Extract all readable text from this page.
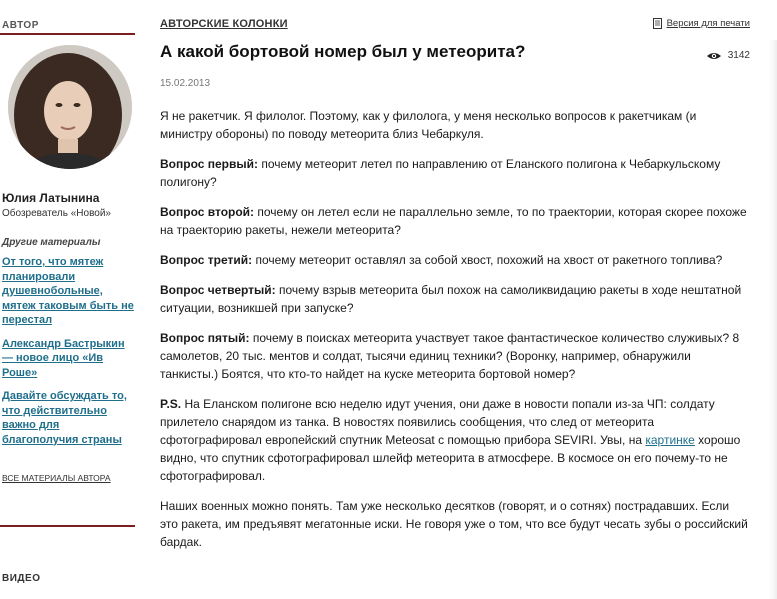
АВТОР
Юлия Латынина
Обозреватель «Новой»
Другие материалы
От того, что мятеж планировали душевнобольные, мятеж таковым быть не перестал
Александр Бастрыкин — новое лицо «Ив Роше»
Давайте обсуждать то, что действительно важно для благополучия страны
ВСЕ МАТЕРИАЛЫ АВТОРА
ВИДЕО
АВТОРСКИЕ КОЛОНКИ	Версия для печати
А какой бортовой номер был у метеорита?	3142
15.02.2013

Я не ракетчик. Я филолог. Поэтому, как у филолога, у меня несколько вопросов к ракетчикам (и министру обороны) по поводу метеорита близ Чебаркуля.

Вопрос первый: почему метеорит летел по направлению от Еланского полигона к Чебаркульскому полигону?

Вопрос второй: почему он летел если не параллельно земле, то по траектории, которая скорее похоже на траекторию ракеты, нежели метеорита?

Вопрос третий: почему метеорит оставлял за собой хвост, похожий на хвост от ракетного топлива?

Вопрос четвертый: почему взрыв метеорита был похож на самоликвидацию ракеты в ходе нештатной ситуации, возникшей при запуске?

Вопрос пятый: почему в поисках метеорита участвует такое фантастическое количество служивых? 8 самолетов, 20 тыс. ментов и солдат, тысячи единиц техники? (Воронку, например, обнаружили танкисты.) Боятся, что кто-то найдет на куске метеорита бортовой номер?

P.S. На Еланском полигоне всю неделю идут учения, они даже в новости попали из-за ЧП: солдату прилетело снарядом из танка. В новостях появились сообщения, что след от метеорита сфотографировал европейский спутник Meteosat с помощью прибора SEVIRI. Увы, на картинке хорошо видно, что спутник сфотографировал шлейф метеорита в атмосфере. В космосе он его почему-то не сфотографировал.

Наших военных можно понять. Там уже несколько десятков (говорят, и о сотнях) пострадавших. Если это ракета, им предъявят мегатонные иски. Не говоря уже о том, что все будут чесать зубы о российский бардак.
